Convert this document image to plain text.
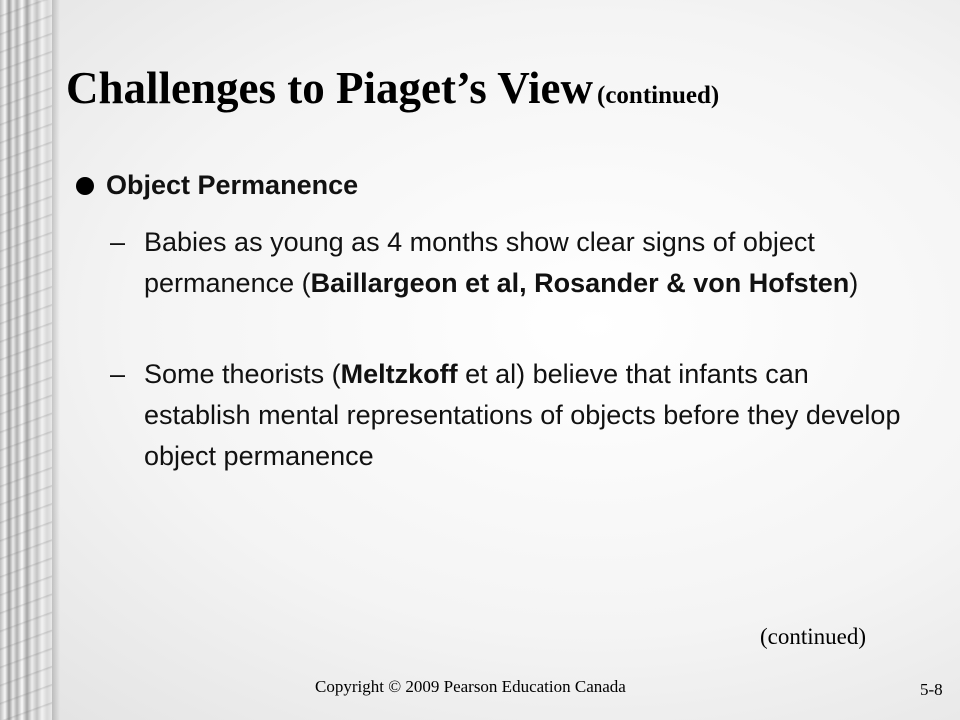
Challenges to Piaget’s View (continued)
Object Permanence
– Babies as young as 4 months show clear signs of object permanence (Baillargeon et al, Rosander & von Hofsten)
– Some theorists (Meltzkoff et al) believe that infants can establish mental representations of objects before they develop object permanence
(continued)
Copyright © 2009 Pearson Education Canada	5-8
